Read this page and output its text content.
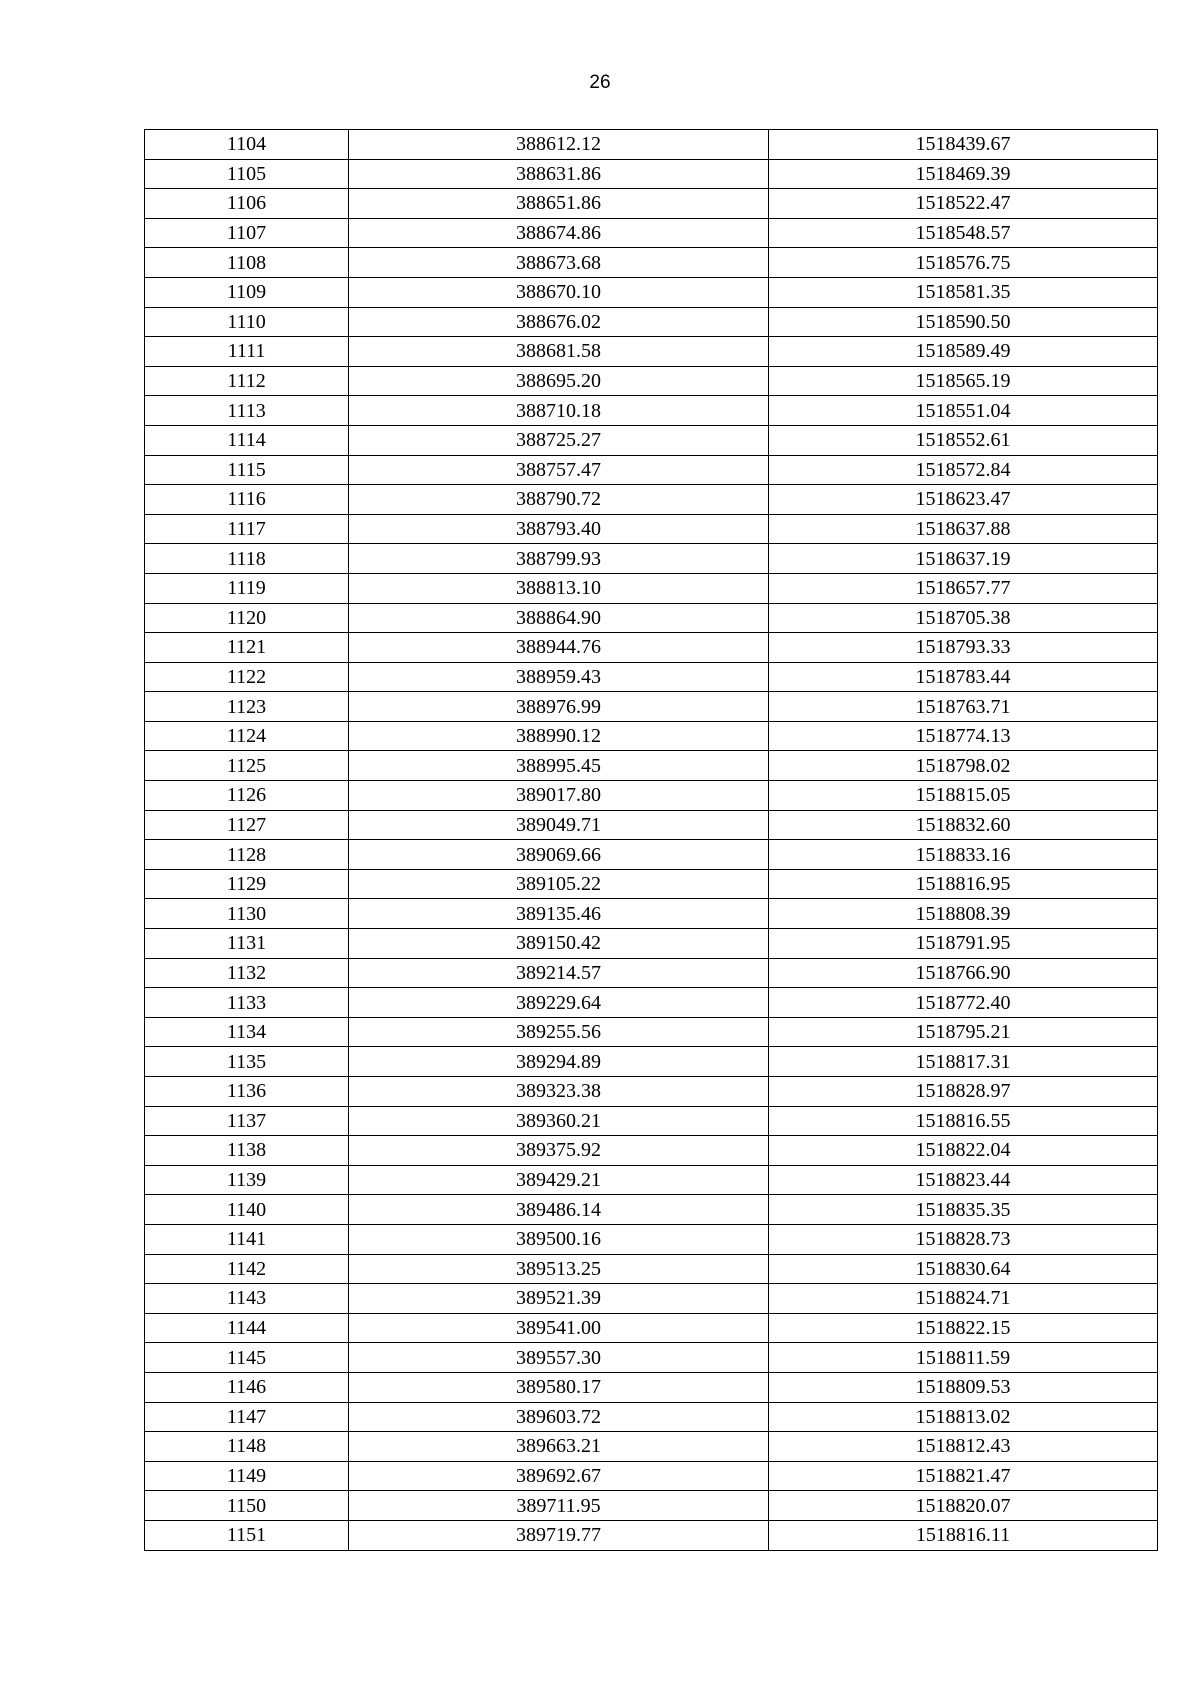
26
1104	388612.12	1518439.67
1105	388631.86	1518469.39
1106	388651.86	1518522.47
1107	388674.86	1518548.57
1108	388673.68	1518576.75
1109	388670.10	1518581.35
1110	388676.02	1518590.50
1111	388681.58	1518589.49
1112	388695.20	1518565.19
1113	388710.18	1518551.04
1114	388725.27	1518552.61
1115	388757.47	1518572.84
1116	388790.72	1518623.47
1117	388793.40	1518637.88
1118	388799.93	1518637.19
1119	388813.10	1518657.77
1120	388864.90	1518705.38
1121	388944.76	1518793.33
1122	388959.43	1518783.44
1123	388976.99	1518763.71
1124	388990.12	1518774.13
1125	388995.45	1518798.02
1126	389017.80	1518815.05
1127	389049.71	1518832.60
1128	389069.66	1518833.16
1129	389105.22	1518816.95
1130	389135.46	1518808.39
1131	389150.42	1518791.95
1132	389214.57	1518766.90
1133	389229.64	1518772.40
1134	389255.56	1518795.21
1135	389294.89	1518817.31
1136	389323.38	1518828.97
1137	389360.21	1518816.55
1138	389375.92	1518822.04
1139	389429.21	1518823.44
1140	389486.14	1518835.35
1141	389500.16	1518828.73
1142	389513.25	1518830.64
1143	389521.39	1518824.71
1144	389541.00	1518822.15
1145	389557.30	1518811.59
1146	389580.17	1518809.53
1147	389603.72	1518813.02
1148	389663.21	1518812.43
1149	389692.67	1518821.47
1150	389711.95	1518820.07
1151	389719.77	1518816.11
